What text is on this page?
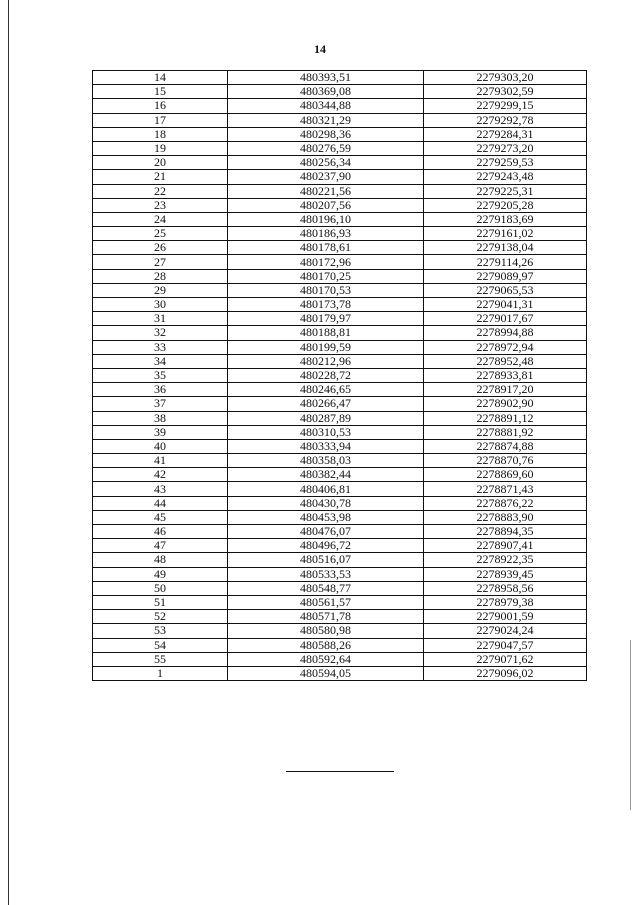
14
14	480393,51	2279303,20
15	480369,08	2279302,59
16	480344,88	2279299,15
17	480321,29	2279292,78
18	480298,36	2279284,31
19	480276,59	2279273,20
20	480256,34	2279259,53
21	480237,90	2279243,48
22	480221,56	2279225,31
23	480207,56	2279205,28
24	480196,10	2279183,69
25	480186,93	2279161,02
26	480178,61	2279138,04
27	480172,96	2279114,26
28	480170,25	2279089,97
29	480170,53	2279065,53
30	480173,78	2279041,31
31	480179,97	2279017,67
32	480188,81	2278994,88
33	480199,59	2278972,94
34	480212,96	2278952,48
35	480228,72	2278933,81
36	480246,65	2278917,20
37	480266,47	2278902,90
38	480287,89	2278891,12
39	480310,53	2278881,92
40	480333,94	2278874,88
41	480358,03	2278870,76
42	480382,44	2278869,60
43	480406,81	2278871,43
44	480430,78	2278876,22
45	480453,98	2278883,90
46	480476,07	2278894,35
47	480496,72	2278907,41
48	480516,07	2278922,35
49	480533,53	2278939,45
50	480548,77	2278958,56
51	480561,57	2278979,38
52	480571,78	2279001,59
53	480580,98	2279024,24
54	480588,26	2279047,57
55	480592,64	2279071,62
1	480594,05	2279096,02
